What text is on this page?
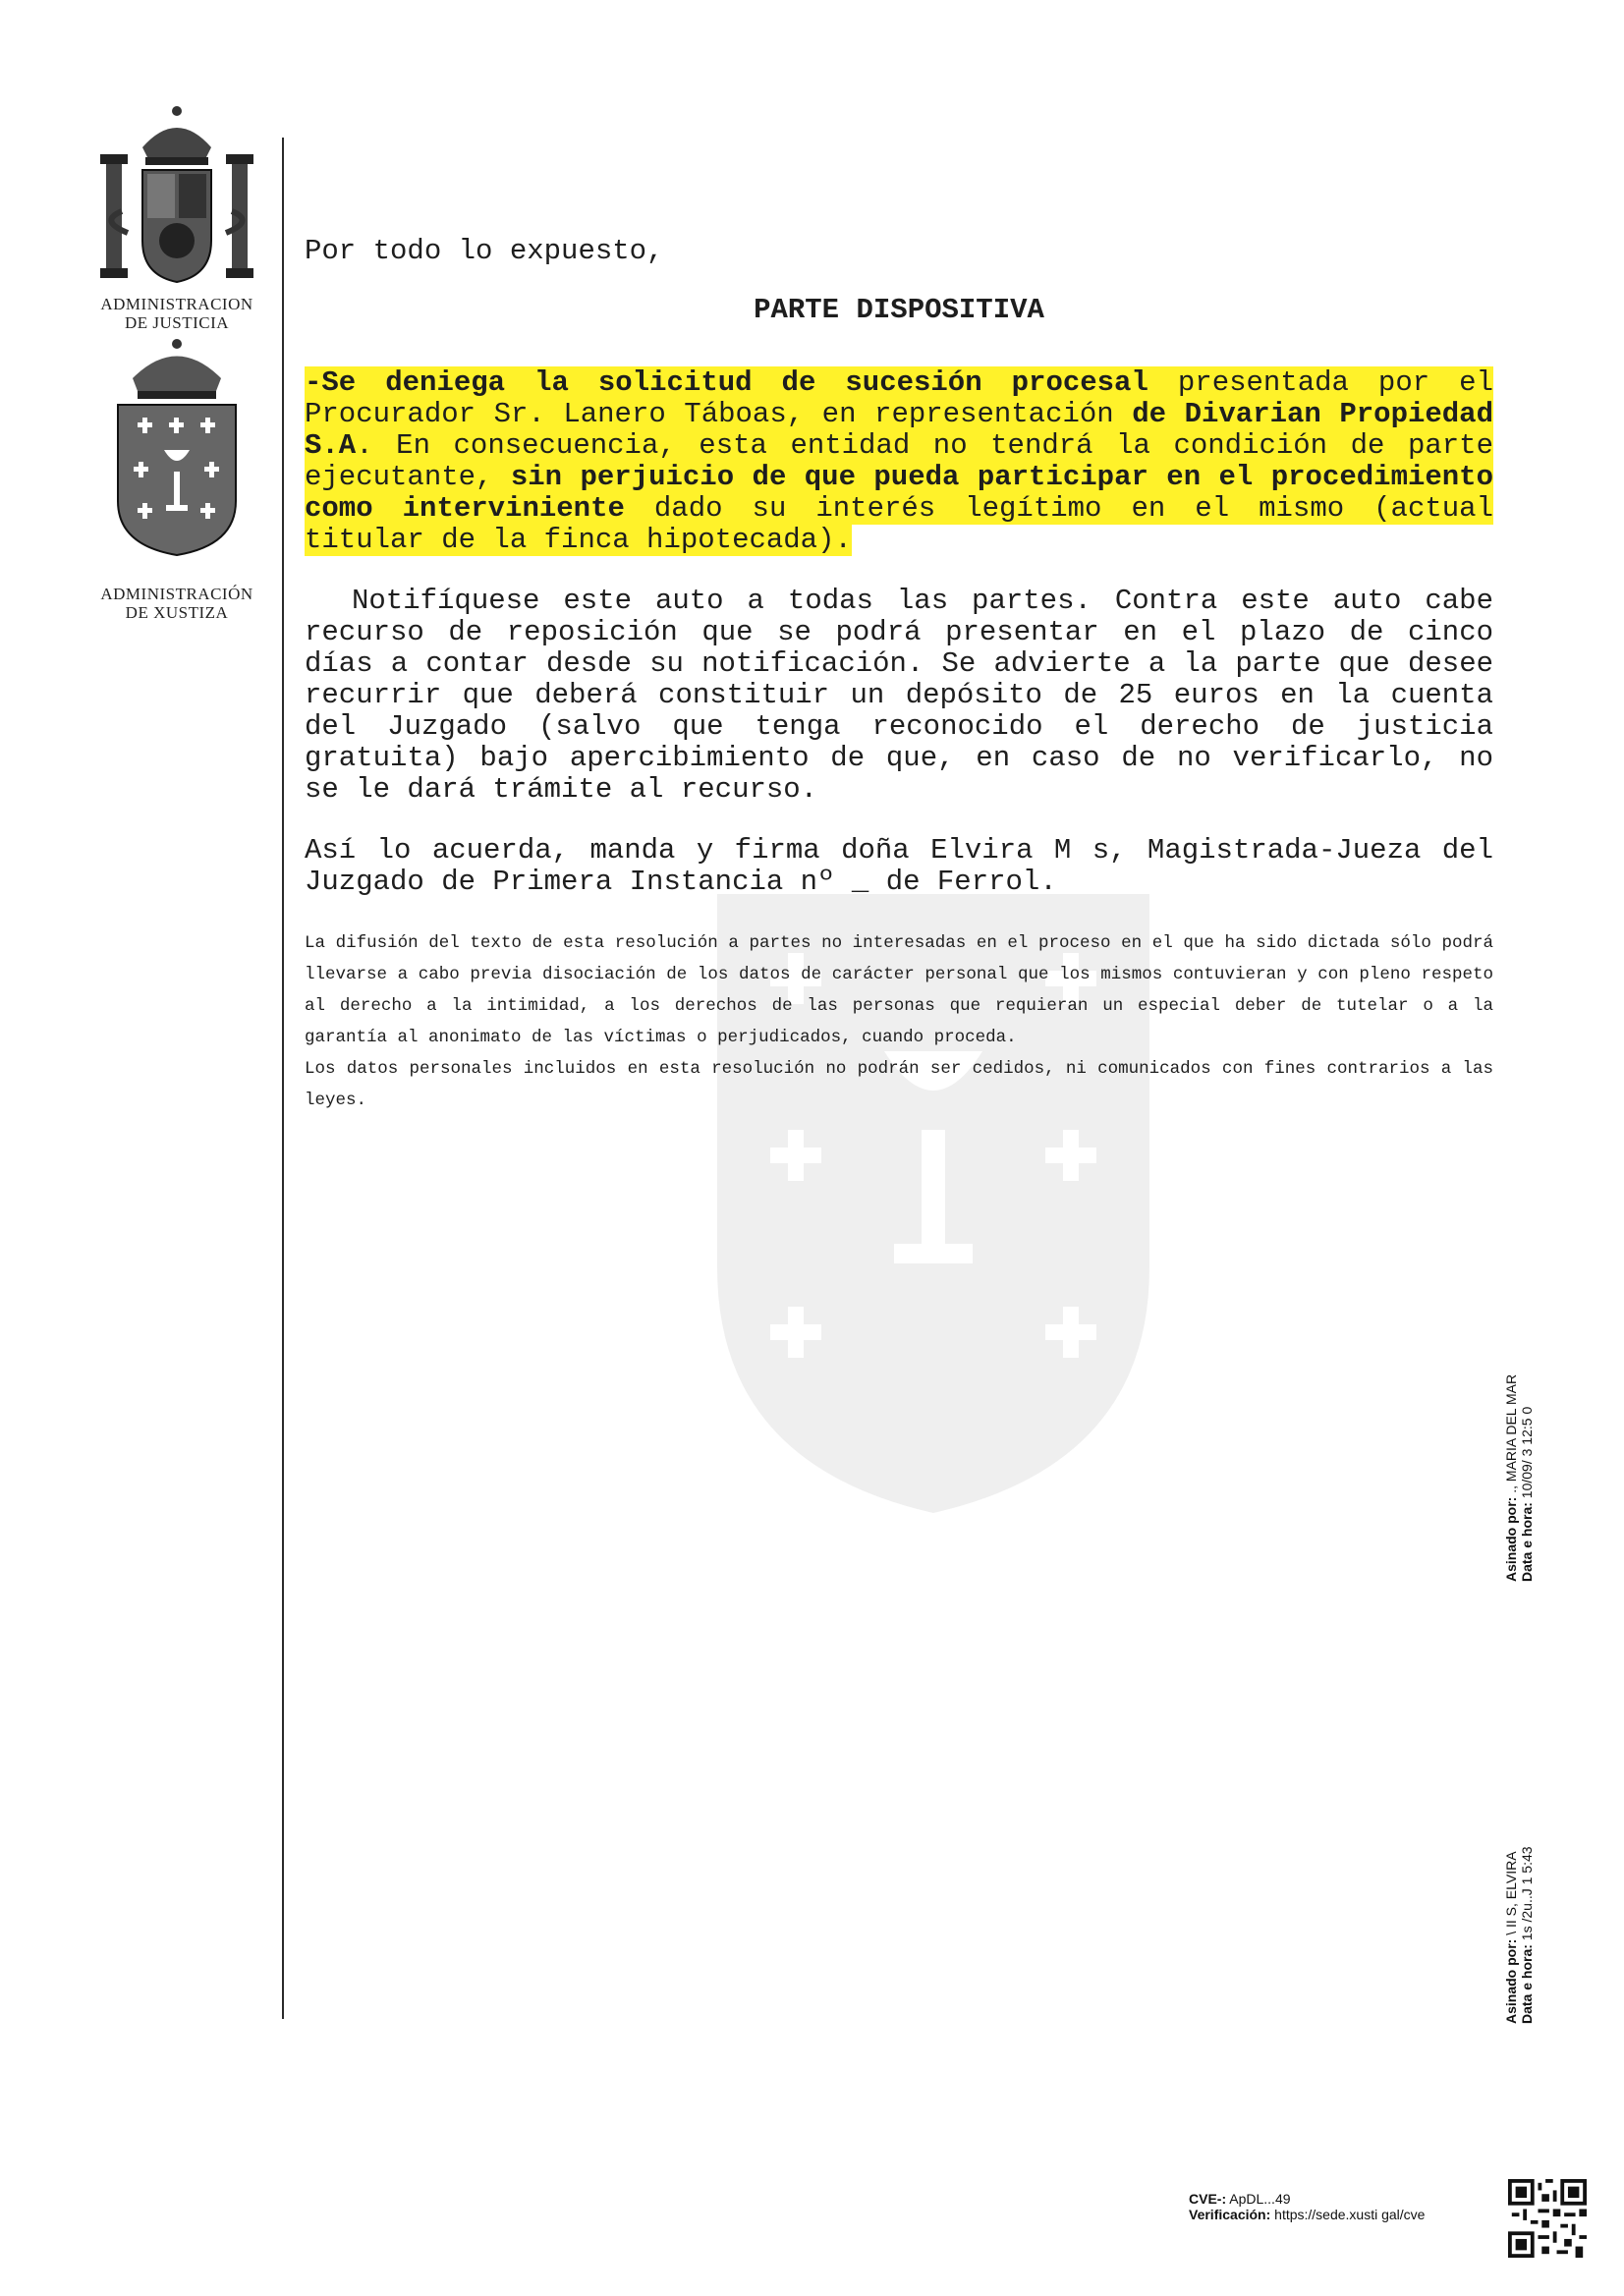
ADMINISTRACION
DE JUSTICIA
ADMINISTRACIÓN
DE XUSTIZA

Por todo lo expuesto,

PARTE DISPOSITIVA

-Se deniega la solicitud de sucesión procesal presentada por el Procurador Sr. Lanero Táboas, en representación de Divarian Propiedad S.A. En consecuencia, esta entidad no tendrá la condición de parte ejecutante, sin perjuicio de que pueda participar en el procedimiento como interviniente dado su interés legítimo en el mismo (actual titular de la finca hipotecada).

Notifíquese este auto a todas las partes. Contra este auto cabe recurso de reposición que se podrá presentar en el plazo de cinco días a contar desde su notificación. Se advierte a la parte que desee recurrir que deberá constituir un depósito de 25 euros en la cuenta del Juzgado (salvo que tenga reconocido el derecho de justicia gratuita) bajo apercibimiento de que, en caso de no verificarlo, no se le dará trámite al recurso.

Así lo acuerda, manda y firma doña Elvira M s, Magistrada-Jueza del Juzgado de Primera Instancia nº _ de Ferrol.

La difusión del texto de esta resolución a partes no interesadas en el proceso en el que ha sido dictada sólo podrá llevarse a cabo previa disociación de los datos de carácter personal que los mismos contuvieran y con pleno respeto al derecho a la intimidad, a los derechos de las personas que requieran un especial deber de tutelar o a la garantía al anonimato de las víctimas o perjudicados, cuando proceda.

Los datos personales incluidos en esta resolución no podrán ser cedidos, ni comunicados con fines contrarios a las leyes.

Asinado por: ., MARIA DEL MAR
Data e hora: 10/09/ 3 12:5 0
Asinado por: \ II S, ELVIRA
Data e hora: 1s /2u..J 1 5:43
CVE-: ApDL...49
Verificación: https://sede.xusti gal/cve
